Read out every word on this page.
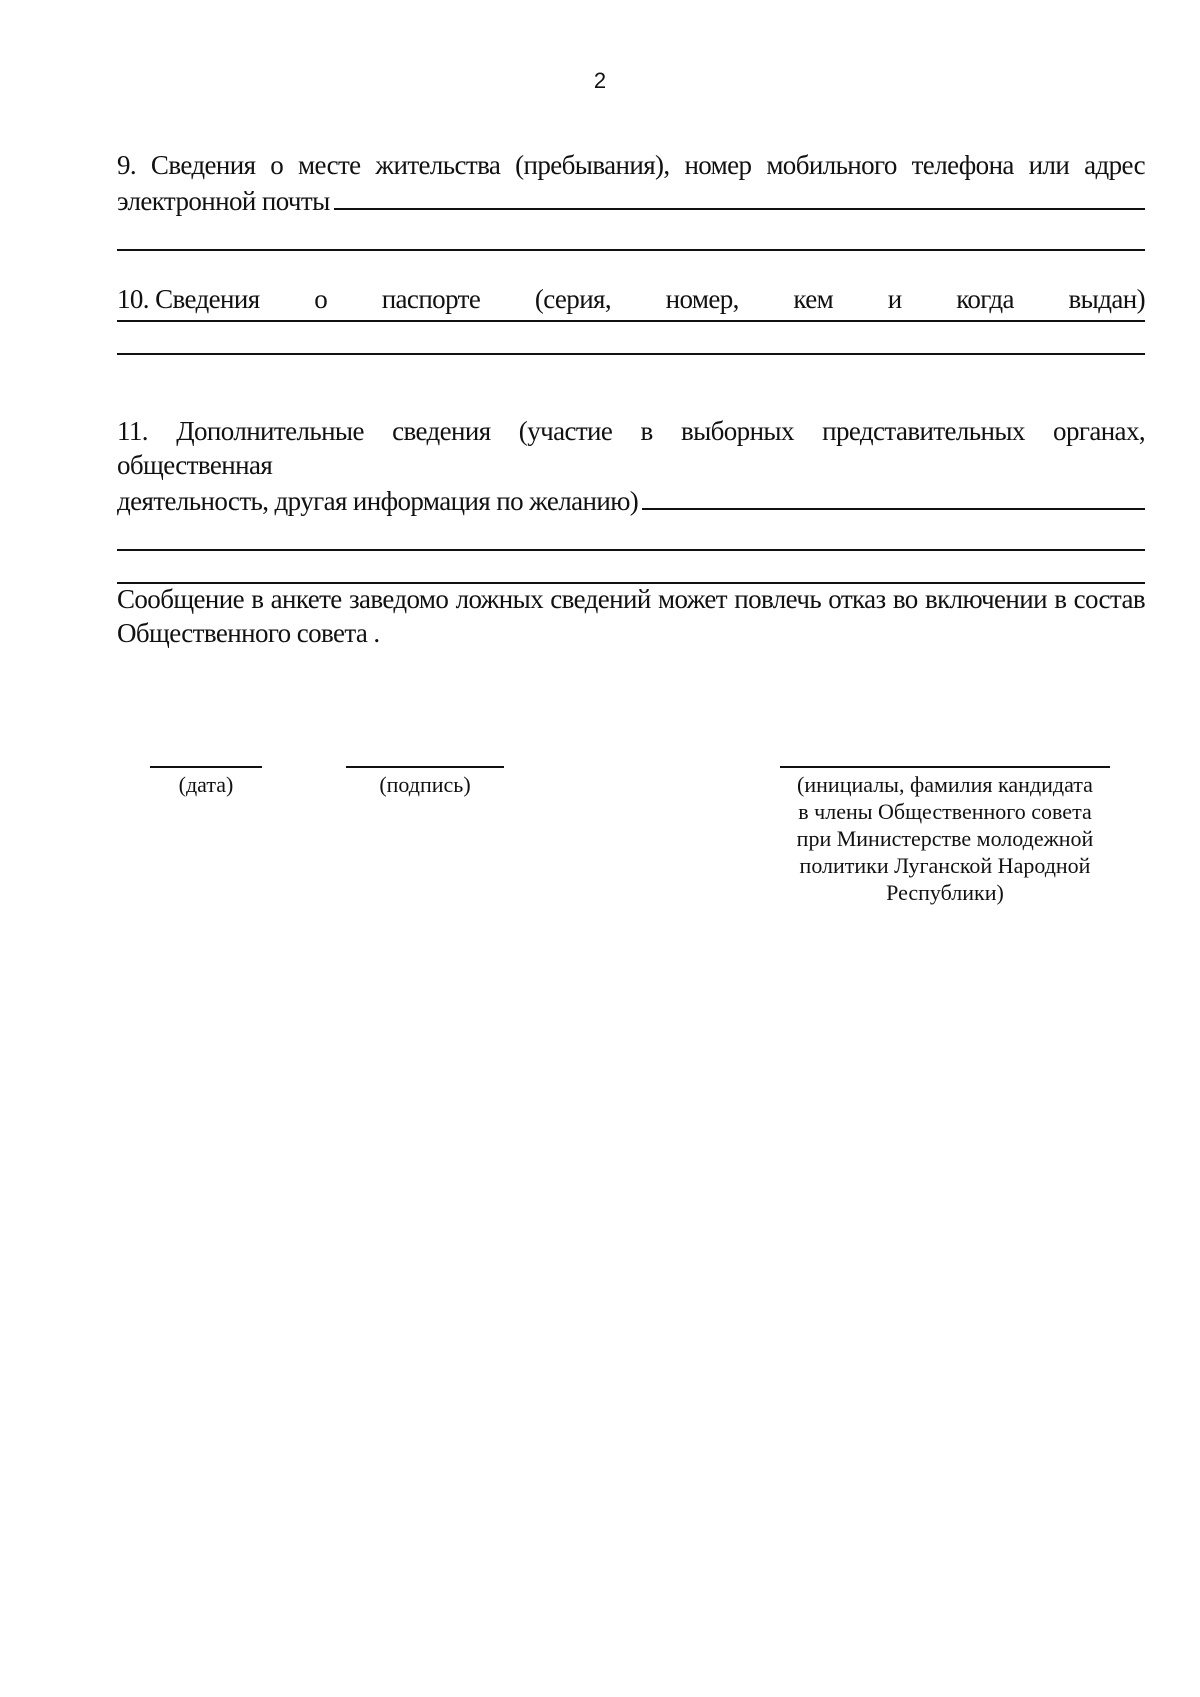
2
9. Сведения о месте жительства (пребывания), номер мобильного телефона или адрес
электронной почты
10. Сведения о паспорте (серия, номер, кем и когда выдан)
11. Дополнительные сведения (участие в выборных представительных органах, общественная
деятельность, другая информация по желанию)
Сообщение в анкете заведомо ложных сведений может повлечь отказ во включении в состав
Общественного совета .
(дата)	(подпись)	(инициалы, фамилия кандидата
в члены Общественного совета
при Министерстве молодежной
политики Луганской Народной
Республики)
